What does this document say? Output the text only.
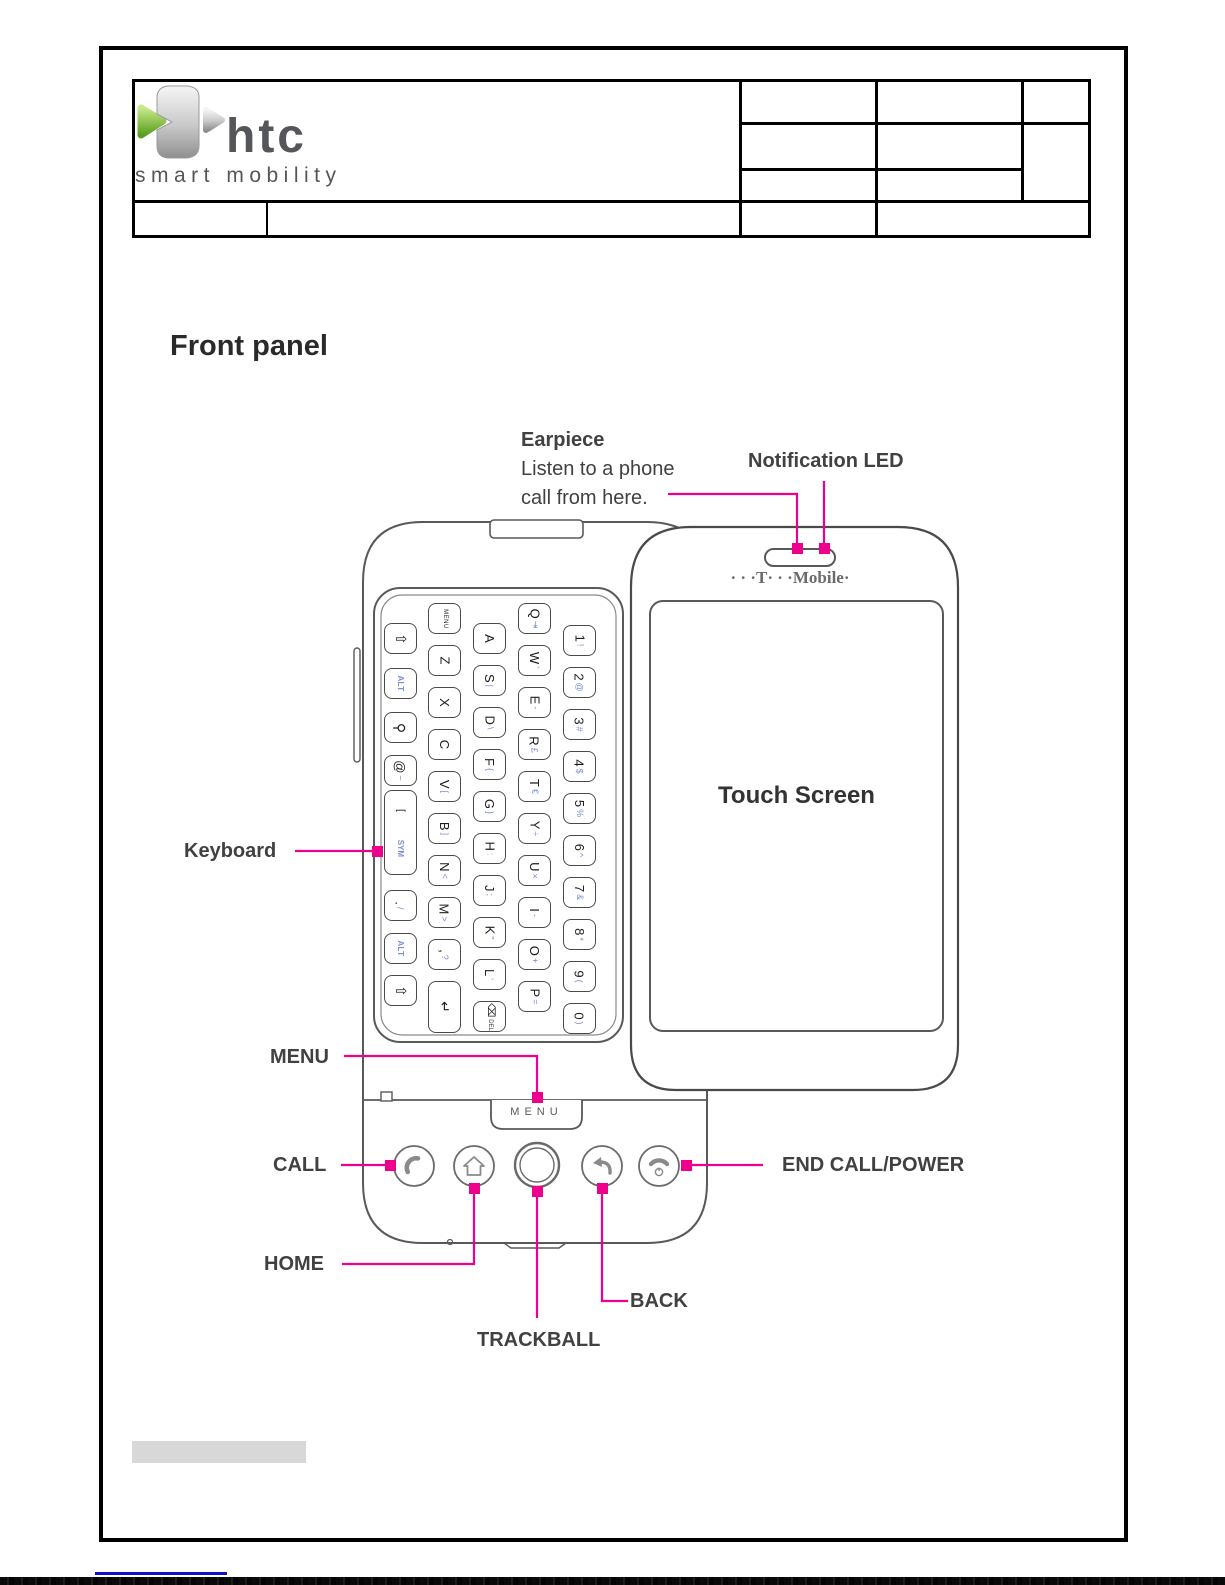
htc
smart mobility
⇧
ALT
⚲
@
~
[
SYM
.
/
ALT
⇧
MENU
Z
X
C
V
[
B
]
N
<
M
>
,
?
↵
A
S
|
D
\
F
{
G
}
H
:
J
;
K
"
L
'
⌫
DEL
Q
⇥
W
`
E
-
R
£
T
€
Y
÷
U
×
I
-
O
+
P
=
1
!
2
@
3
#
4
$
5
%
6
^
7
&
8
*
9
(
0
)
Front panel
Earpiece
Listen to a phone
call from here.
Notification LED
Keyboard
MENU
CALL
HOME
TRACKBALL
BACK
END CALL/POWER
Touch Screen
· · ·T· · ·Mobile·
MENU
